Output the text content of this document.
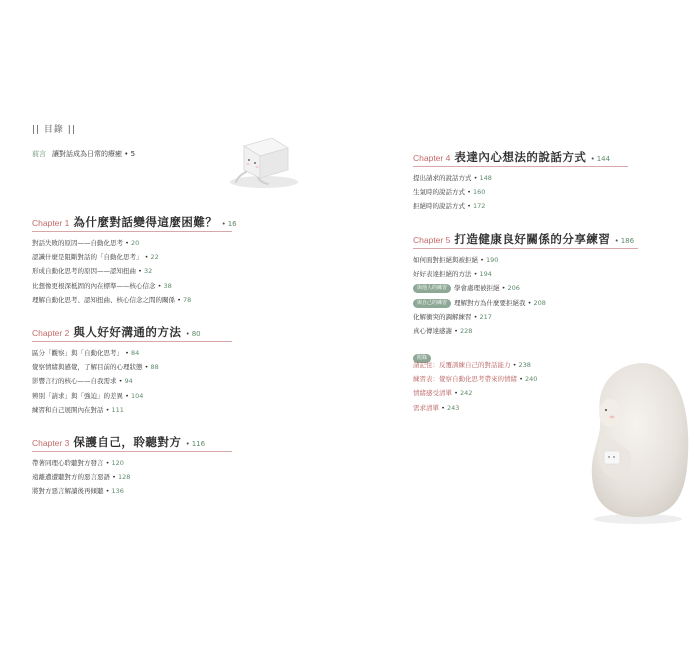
|| 目錄 ||
前言 讓對話成為日常的療癒 • 5
Chapter 1 為什麼對話變得這麼困難？ • 16
對話失敗的原因——自動化思考 • 20
認識什麼是阻斷對話的「自動化思考」 • 22
形成自動化思考的原因——認知扭曲 • 32
比想像更根深柢固的內在標準——核心信念 • 38
理解自動化思考、認知扭曲、核心信念之間的關係 • 78
Chapter 2 與人好好溝通的方法 • 80
區分「觀察」與「自動化思考」 • 84
覺察情緒與感覺，了解目前的心理狀態 • 88
影響言行的核心——自我需求 • 94
辨別「請求」與「強迫」的差異 • 104
練習和自己展開內在對話 • 111
Chapter 3 保護自己，聆聽對方 • 116
帶著同理心聆聽對方發言 • 120
遠離遭遭聽對方的惡言惡語 • 128
將對方惡言解讀後再傾聽 • 136
Chapter 4 表達內心想法的說話方式 • 144
提出請求的說話方式 • 148
生氣時的說話方式 • 160
拒絕時的說話方式 • 172
Chapter 5 打造健康良好關係的分享練習 • 186
如何面對拒絕與被拒絕 • 190
好好表達拒絕的方法 • 194
與他人的練習 學會處理被拒絕 • 206
與自己的練習 理解對方為什麼要拒絕我 • 208
化解衝突的調解練習 • 217
真心傳達感謝 • 228
附錄
請記住：反覆訓練自己的對話能力 • 238
練習表：覺察自動化思考帶來的情緒 • 240
情緒感受清單 • 242
需求清單 • 243
